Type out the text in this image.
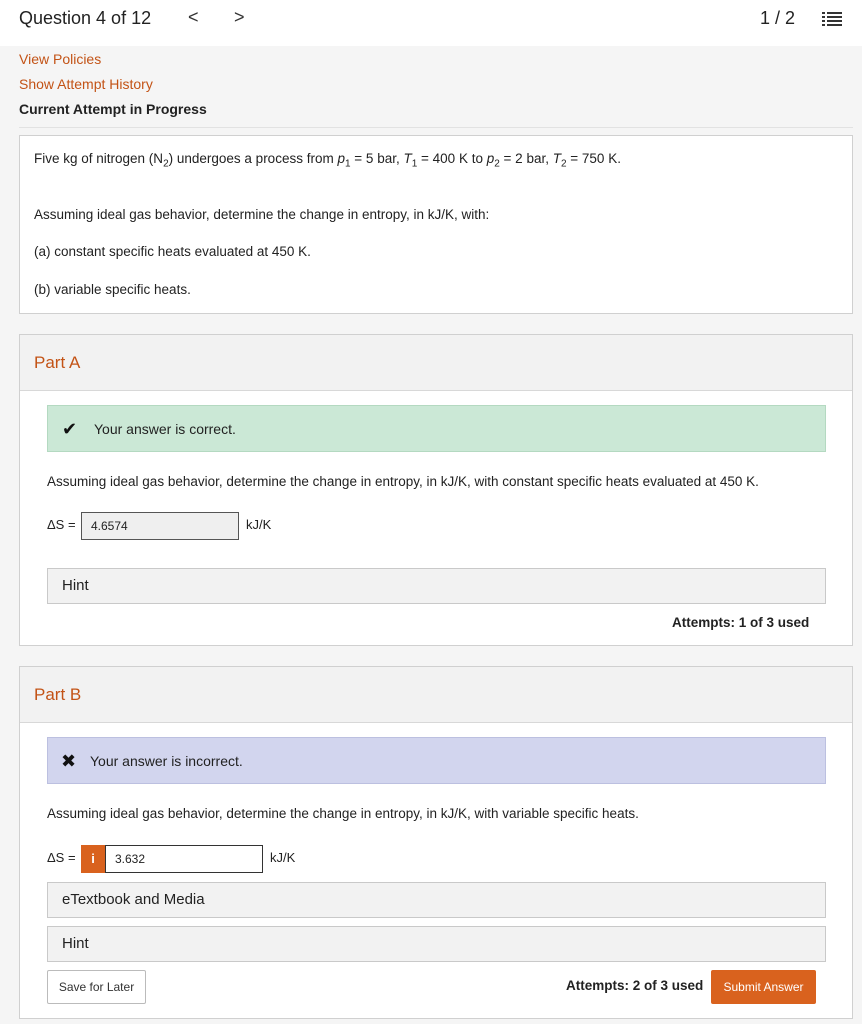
Question 4 of 12 < >	1 / 2
View Policies
Show Attempt History
Current Attempt in Progress

Five kg of nitrogen $(N_2)$ undergoes a process from $p_1 = 5$ bar, $T_1 = 400$ K to $p_2 = 2$ bar, $T_2 = 750$ K.

Assuming ideal gas behavior, determine the change in entropy, in kJ/K, with:

(a) constant specific heats evaluated at 450 K.

(b) variable specific heats.

Part A
✔ Your answer is correct.
Assuming ideal gas behavior, determine the change in entropy, in kJ/K, with constant specific heats evaluated at 450 K.
ΔS =	4.6574	kJ/K
Hint
Attempts: 1 of 3 used
Part B
✖ Your answer is incorrect.
Assuming ideal gas behavior, determine the change in entropy, in kJ/K, with variable specific heats.
ΔS =	i	3.632	kJ/K
eTextbook and Media
Hint
Save for Later	Attempts: 2 of 3 used	Submit Answer
